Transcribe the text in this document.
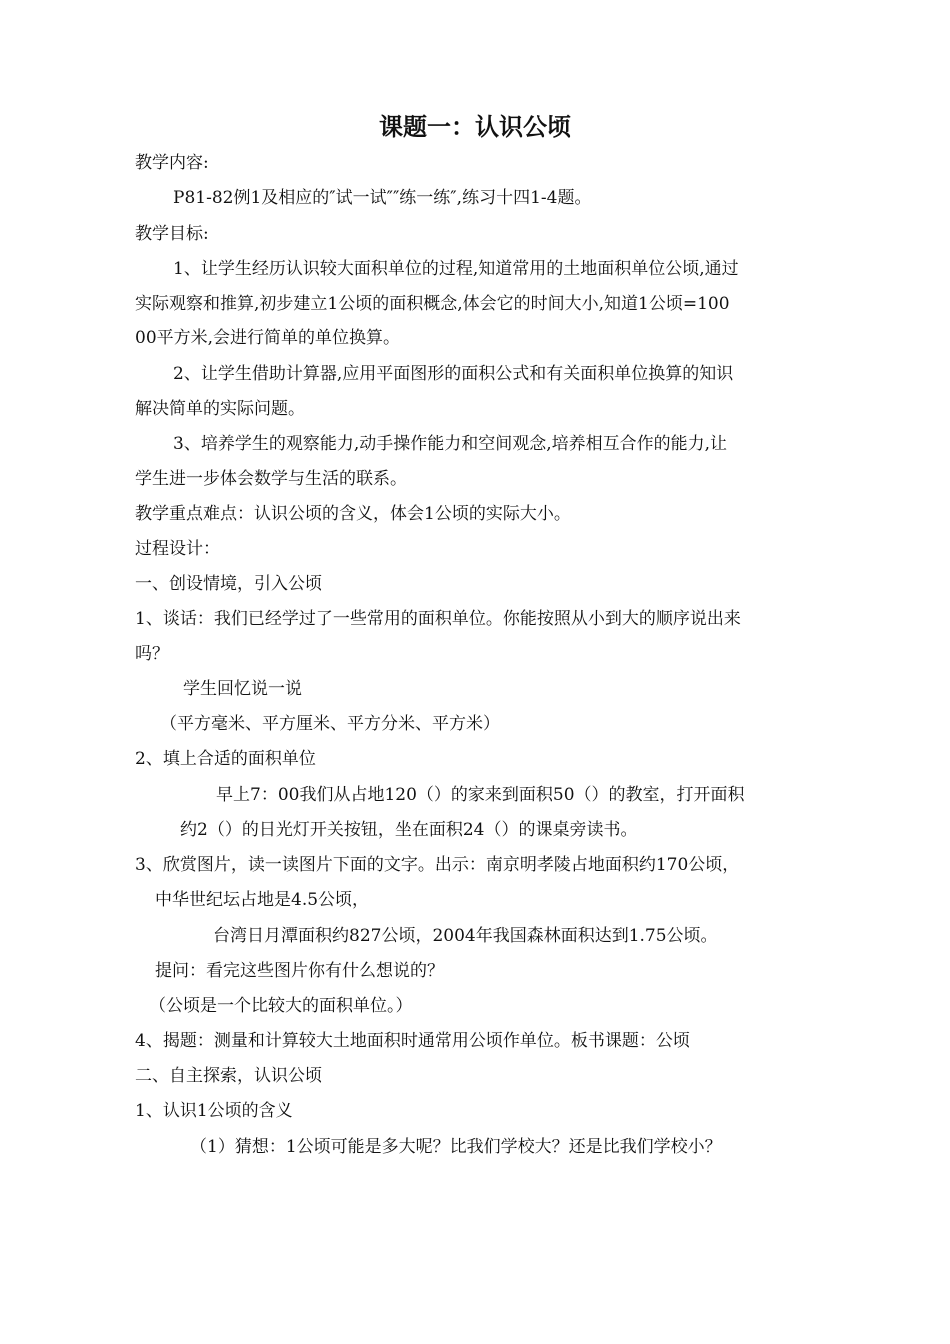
课题一：认识公顷
教学内容:
P81-82例1及相应的″试一试″″练一练″,练习十四1-4题。
教学目标:
1、让学生经历认识较大面积单位的过程,知道常用的土地面积单位公顷,通过
实际观察和推算,初步建立1公顷的面积概念,体会它的时间大小,知道1公顷=100
00平方米,会进行简单的单位换算。
2、让学生借助计算器,应用平面图形的面积公式和有关面积单位换算的知识
解决简单的实际问题。
3、培养学生的观察能力,动手操作能力和空间观念,培养相互合作的能力,让
学生进一步体会数学与生活的联系。
教学重点难点：认识公顷的含义，体会1公顷的实际大小。
过程设计：
一、创设情境，引入公顷
1、谈话：我们已经学过了一些常用的面积单位。你能按照从小到大的顺序说出来
吗？
学生回忆说一说
（平方毫米、平方厘米、平方分米、平方米）
2、填上合适的面积单位
早上7：00我们从占地120（）的家来到面积50（）的教室，打开面积
约2（）的日光灯开关按钮，坐在面积24（）的课桌旁读书。
3、欣赏图片，读一读图片下面的文字。出示：南京明孝陵占地面积约170公顷，
中华世纪坛占地是4.5公顷，
台湾日月潭面积约827公顷，2004年我国森林面积达到1.75公顷。
提问：看完这些图片你有什么想说的？
（公顷是一个比较大的面积单位。）
4、揭题：测量和计算较大土地面积时通常用公顷作单位。板书课题：公顷
二、自主探索，认识公顷
1、认识1公顷的含义
（1）猜想：1公顷可能是多大呢？比我们学校大？还是比我们学校小？
